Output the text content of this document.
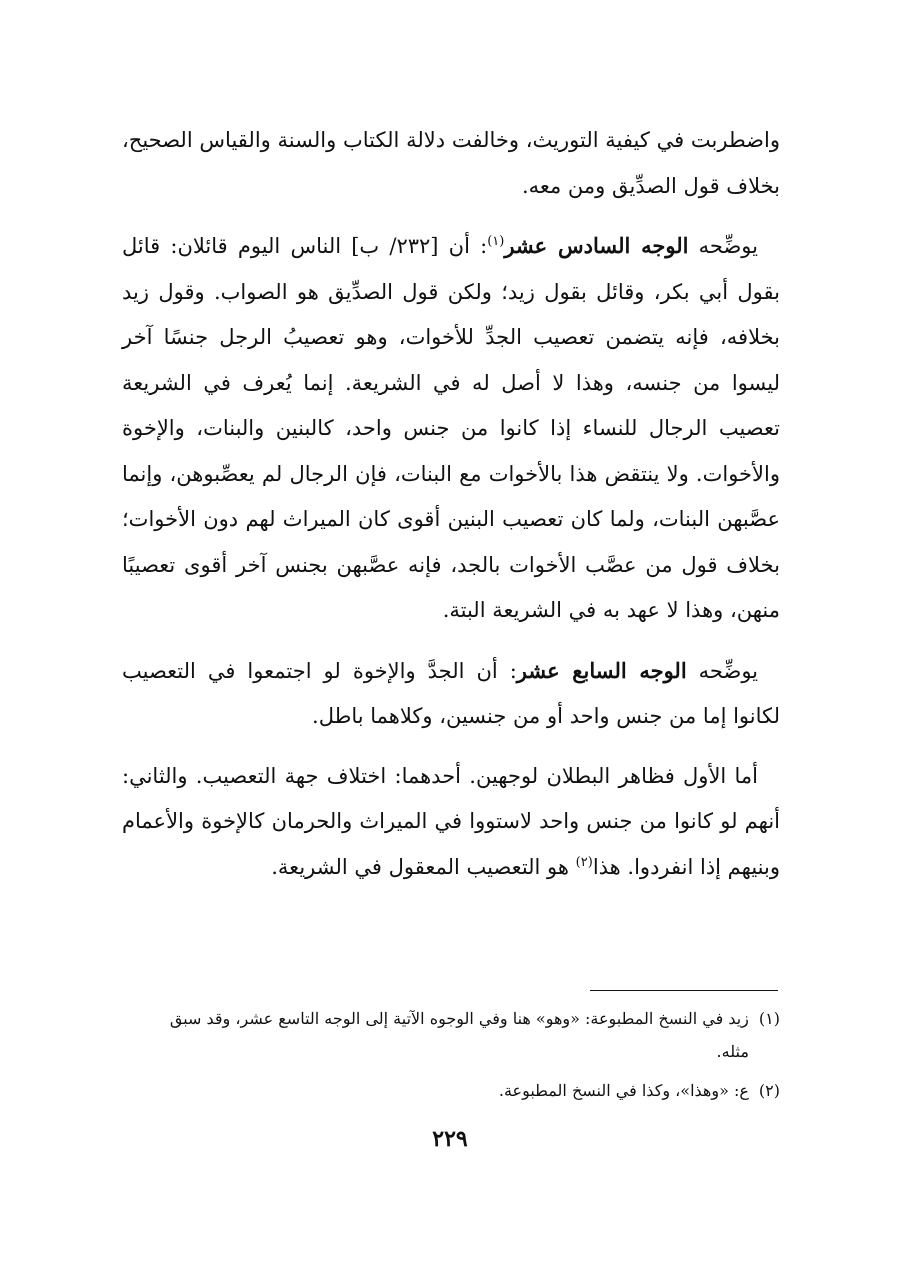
واضطربت في كيفية التوريث، وخالفت دلالة الكتاب والسنة والقياس الصحيح، بخلاف قول الصدِّيق ومن معه.

يوضِّحه الوجه السادس عشر$^{(١)}$: أن [٢٣٢/ ب] الناس اليوم قائلان: قائل بقول أبي بكر، وقائل بقول زيد؛ ولكن قول الصدِّيق هو الصواب. وقول زيد بخلافه، فإنه يتضمن تعصيب الجدِّ للأخوات، وهو تعصيبُ الرجل جنسًا آخر ليسوا من جنسه، وهذا لا أصل له في الشريعة. إنما يُعرف في الشريعة تعصيب الرجال للنساء إذا كانوا من جنس واحد، كالبنين والبنات، والإخوة والأخوات. ولا ينتقض هذا بالأخوات مع البنات، فإن الرجال لم يعصِّبوهن، وإنما عصَّبهن البنات، ولما كان تعصيب البنين أقوى كان الميراث لهم دون الأخوات؛ بخلاف قول من عصَّب الأخوات بالجد، فإنه عصَّبهن بجنس آخر أقوى تعصيبًا منهن، وهذا لا عهد به في الشريعة البتة.

يوضِّحه الوجه السابع عشر: أن الجدَّ والإخوة لو اجتمعوا في التعصيب لكانوا إما من جنس واحد أو من جنسين، وكلاهما باطل.

أما الأول فظاهر البطلان لوجهين. أحدهما: اختلاف جهة التعصيب. والثاني: أنهم لو كانوا من جنس واحد لاستووا في الميراث والحرمان كالإخوة والأعمام وبنيهم إذا انفردوا. هذا$^{(٢)}$ هو التعصيب المعقول في الشريعة.

(١)
زيد في النسخ المطبوعة: «وهو» هنا وفي الوجوه الآتية إلى الوجه التاسع عشر، وقد سبق مثله.
(٢)
ع: «وهذا»، وكذا في النسخ المطبوعة.
٢٢٩
